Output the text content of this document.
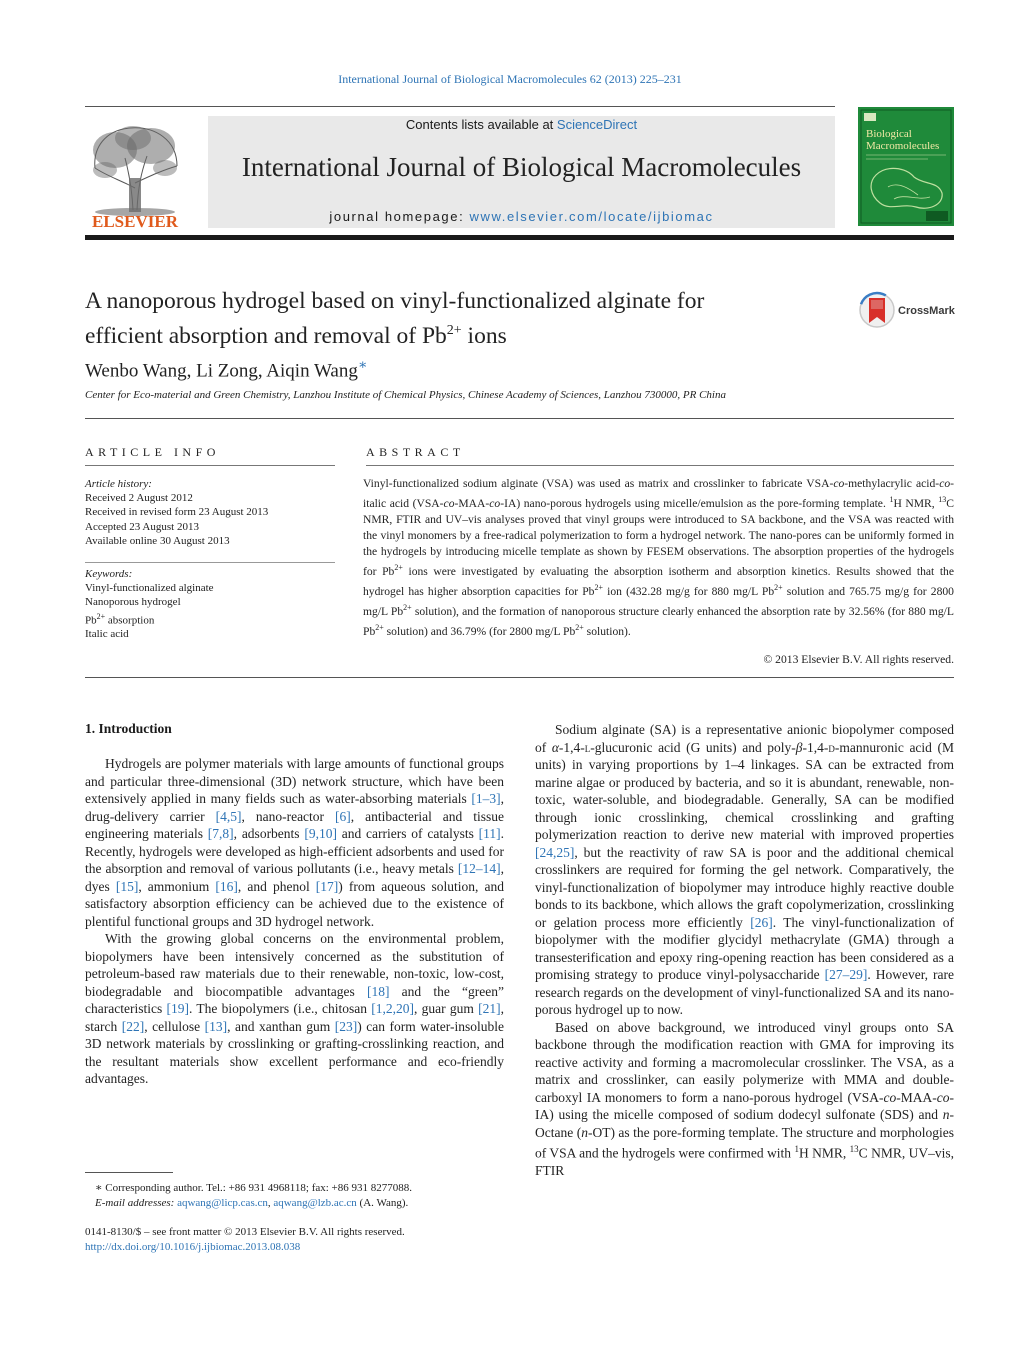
International Journal of Biological Macromolecules 62 (2013) 225–231
ELSEVIER
Contents lists available at ScienceDirect
International Journal of Biological Macromolecules
journal homepage: www.elsevier.com/locate/ijbiomac
Biological
Macromolecules
A nanoporous hydrogel based on vinyl-functionalized alginate for
efficient absorption and removal of $Pb^{2+}$ ions
CrossMark
Wenbo Wang, Li Zong, Aiqin Wang∗
Center for Eco-material and Green Chemistry, Lanzhou Institute of Chemical Physics, Chinese Academy of Sciences, Lanzhou 730000, PR China
ARTICLE INFO	ABSTRACT
Article history:
Received 2 August 2012
Received in revised form 23 August 2013
Accepted 23 August 2013
Available online 30 August 2013
Keywords:
Vinyl-functionalized alginate
Nanoporous hydrogel
$Pb^{2+}$ absorption
Italic acid

Vinyl-functionalized sodium alginate (VSA) was used as matrix and crosslinker to fabricate VSA-co-methylacrylic acid-co-italic acid (VSA-co-MAA-co-IA) nano-porous hydrogels using micelle/emulsion as the pore-forming template. $^1$H NMR, $^{13}$C NMR, FTIR and UV–vis analyses proved that vinyl groups were introduced to SA backbone, and the VSA was reacted with the vinyl monomers by a free-radical polymerization to form a hydrogel network. The nano-pores can be uniformly formed in the hydrogels by introducing micelle template as shown by FESEM observations. The absorption properties of the hydrogels for $Pb^{2+}$ ions were investigated by evaluating the absorption isotherm and absorption kinetics. Results showed that the hydrogel has higher absorption capacities for $Pb^{2+}$ ion (432.28 mg/g for 880 mg/L $Pb^{2+}$ solution and 765.75 mg/g for 2800 mg/L $Pb^{2+}$ solution), and the formation of nanoporous structure clearly enhanced the absorption rate by 32.56% (for 880 mg/L $Pb^{2+}$ solution) and 36.79% (for 2800 mg/L $Pb^{2+}$ solution).

© 2013 Elsevier B.V. All rights reserved.
1. Introduction

Hydrogels are polymer materials with large amounts of functional groups and particular three-dimensional (3D) network structure, which have been extensively applied in many fields such as water-absorbing materials [1–3], drug-delivery carrier [4,5], nano-reactor [6], antibacterial and tissue engineering materials [7,8], adsorbents [9,10] and carriers of catalysts [11]. Recently, hydrogels were developed as high-efficient adsorbents and used for the absorption and removal of various pollutants (i.e., heavy metals [12–14], dyes [15], ammonium [16], and phenol [17]) from aqueous solution, and satisfactory absorption efficiency can be achieved due to the existence of plentiful functional groups and 3D hydrogel network.

With the growing global concerns on the environmental problem, biopolymers have been intensively concerned as the substitution of petroleum-based raw materials due to their renewable, non-toxic, low-cost, biodegradable and biocompatible advantages [18] and the “green” characteristics [19]. The biopolymers (i.e., chitosan [1,2,20], guar gum [21], starch [22], cellulose [13], and xanthan gum [23]) can form water-insoluble 3D network materials by crosslinking or grafting-crosslinking reaction, and the resultant materials show excellent performance and eco-friendly advantages.

Sodium alginate (SA) is a representative anionic biopolymer composed of α-1,4-l-glucuronic acid (G units) and poly-β-1,4-d-mannuronic acid (M units) in varying proportions by 1–4 linkages. SA can be extracted from marine algae or produced by bacteria, and so it is abundant, renewable, non-toxic, water-soluble, and biodegradable. Generally, SA can be modified through ionic crosslinking, chemical crosslinking and grafting polymerization reaction to derive new material with improved properties [24,25], but the reactivity of raw SA is poor and the additional chemical crosslinkers are required for forming the gel network. Comparatively, the vinyl-functionalization of biopolymer may introduce highly reactive double bonds to its backbone, which allows the graft copolymerization, crosslinking or gelation process more efficiently [26]. The vinyl-functionalization of biopolymer with the modifier glycidyl methacrylate (GMA) through a transesterification and epoxy ring-opening reaction has been considered as a promising strategy to produce vinyl-polysaccharide [27–29]. However, rare research regards on the development of vinyl-functionalized SA and its nano-porous hydrogel up to now.

Based on above background, we introduced vinyl groups onto SA backbone through the modification reaction with GMA for improving its reactive activity and forming a macromolecular crosslinker. The VSA, as a matrix and crosslinker, can easily polymerize with MMA and double-carboxyl IA monomers to form a nano-porous hydrogel (VSA-co-MAA-co-IA) using the micelle composed of sodium dodecyl sulfonate (SDS) and n-Octane (n-OT) as the pore-forming template. The structure and morphologies of VSA and the hydrogels were confirmed with $^1$H NMR, $^{13}$C NMR, UV–vis, FTIR

∗ Corresponding author. Tel.: +86 931 4968118; fax: +86 931 8277088.
E-mail addresses: aqwang@licp.cas.cn, aqwang@lzb.ac.cn (A. Wang).
0141-8130/$ – see front matter © 2013 Elsevier B.V. All rights reserved.
http://dx.doi.org/10.1016/j.ijbiomac.2013.08.038
